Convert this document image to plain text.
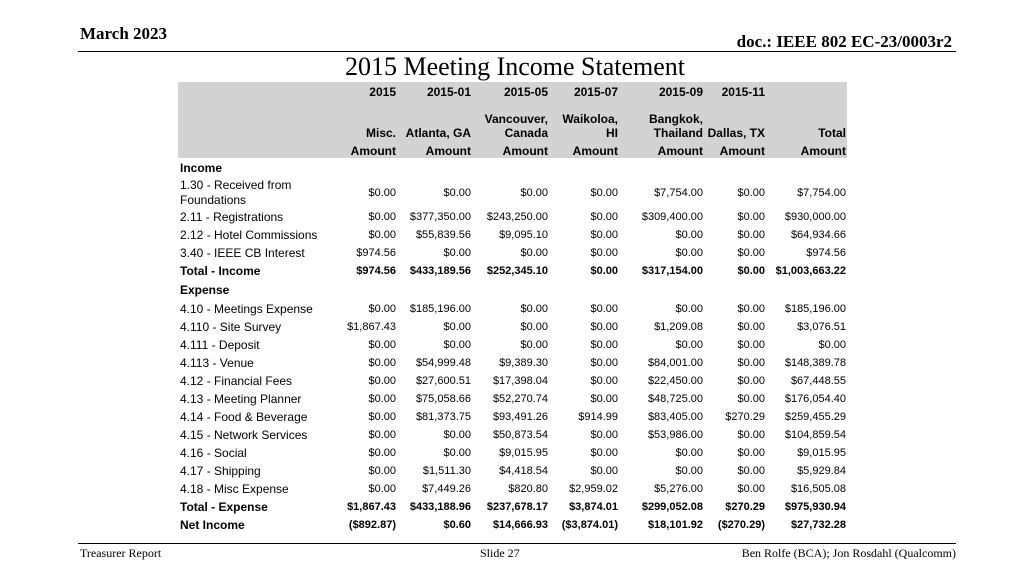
March 2023	doc.: IEEE 802 EC-23/0003r2
2015 Meeting Income Statement
	2015	2015-01	2015-05	2015-07	2015-09	2015-11	
	Misc.	Atlanta, GA	Vancouver, Canada	Waikoloa, HI	Bangkok, Thailand	Dallas, TX	Total
	Amount	Amount	Amount	Amount	Amount	Amount	Amount
Income							
1.30 - Received from Foundations	$0.00	$0.00	$0.00	$0.00	$7,754.00	$0.00	$7,754.00
2.11 - Registrations	$0.00	$377,350.00	$243,250.00	$0.00	$309,400.00	$0.00	$930,000.00
2.12 - Hotel Commissions	$0.00	$55,839.56	$9,095.10	$0.00	$0.00	$0.00	$64,934.66
3.40 - IEEE CB Interest	$974.56	$0.00	$0.00	$0.00	$0.00	$0.00	$974.56
Total - Income	$974.56	$433,189.56	$252,345.10	$0.00	$317,154.00	$0.00	$1,003,663.22
Expense							
4.10 - Meetings Expense	$0.00	$185,196.00	$0.00	$0.00	$0.00	$0.00	$185,196.00
4.110 - Site Survey	$1,867.43	$0.00	$0.00	$0.00	$1,209.08	$0.00	$3,076.51
4.111 - Deposit	$0.00	$0.00	$0.00	$0.00	$0.00	$0.00	$0.00
4.113 - Venue	$0.00	$54,999.48	$9,389.30	$0.00	$84,001.00	$0.00	$148,389.78
4.12 - Financial Fees	$0.00	$27,600.51	$17,398.04	$0.00	$22,450.00	$0.00	$67,448.55
4.13 - Meeting Planner	$0.00	$75,058.66	$52,270.74	$0.00	$48,725.00	$0.00	$176,054.40
4.14 - Food & Beverage	$0.00	$81,373.75	$93,491.26	$914.99	$83,405.00	$270.29	$259,455.29
4.15 - Network Services	$0.00	$0.00	$50,873.54	$0.00	$53,986.00	$0.00	$104,859.54
4.16 - Social	$0.00	$0.00	$9,015.95	$0.00	$0.00	$0.00	$9,015.95
4.17 - Shipping	$0.00	$1,511.30	$4,418.54	$0.00	$0.00	$0.00	$5,929.84
4.18 - Misc Expense	$0.00	$7,449.26	$820.80	$2,959.02	$5,276.00	$0.00	$16,505.08
Total - Expense	$1,867.43	$433,188.96	$237,678.17	$3,874.01	$299,052.08	$270.29	$975,930.94
Net Income	($892.87)	$0.60	$14,666.93	($3,874.01)	$18,101.92	($270.29)	$27,732.28
Treasurer Report	Slide 27	Ben Rolfe (BCA); Jon Rosdahl (Qualcomm)
